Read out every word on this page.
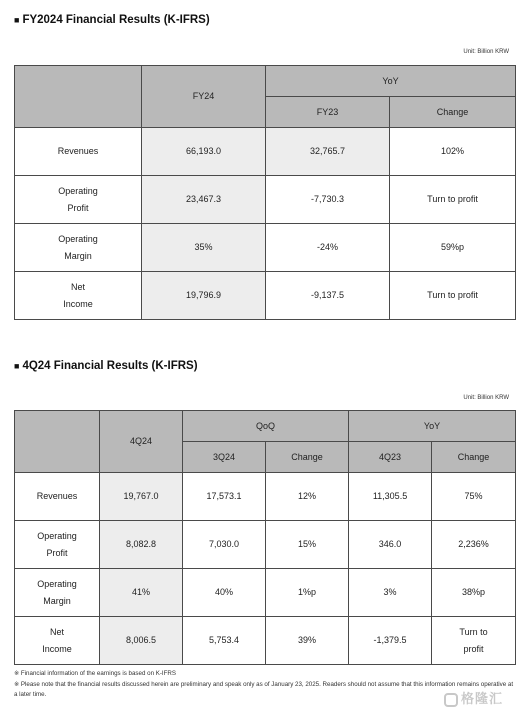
■ FY2024 Financial Results (K-IFRS)
Unit: Billion KRW
	FY24	YoY	
		FY23	Change
Revenues	66,193.0	32,765.7	102%
Operating
Profit	23,467.3	-7,730.3	Turn to profit
Operating
Margin	35%	-24%	59%p
Net
Income	19,796.9	-9,137.5	Turn to profit
■ 4Q24 Financial Results (K-IFRS)
Unit: Billion KRW
	4Q24	QoQ		YoY	
		3Q24	Change	4Q23	Change
Revenues	19,767.0	17,573.1	12%	11,305.5	75%
Operating
Profit	8,082.8	7,030.0	15%	346.0	2,236%
Operating
Margin	41%	40%	1%p	3%	38%p
Net
Income	8,006.5	5,753.4	39%	-1,379.5	Turn to
profit
※ Financial information of the earnings is based on K-IFRS
※ Please note that the financial results discussed herein are preliminary and speak only as of January 23, 2025. Readers should not assume that this information remains operative at a later time.	格隆汇
